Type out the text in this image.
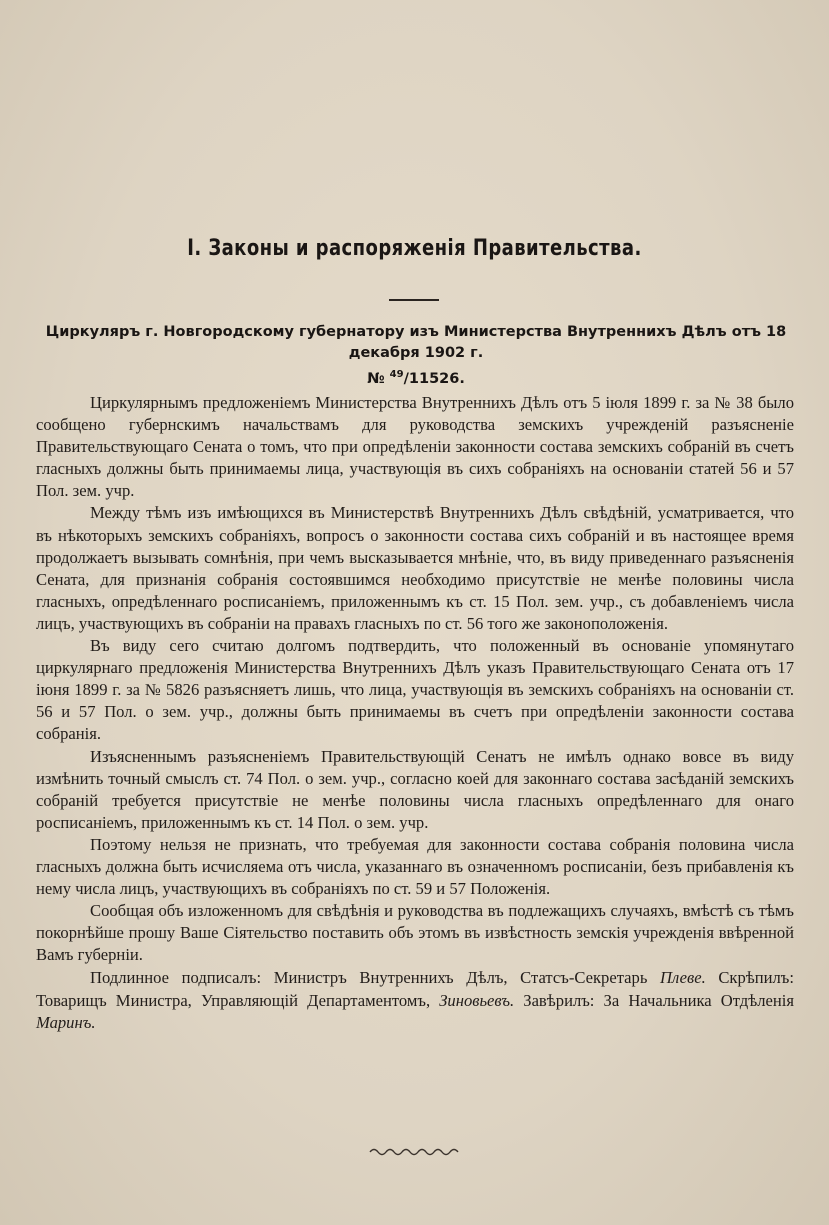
I. Законы и распоряженія Правительства.
Циркуляръ г. Новгородскому губернатору изъ Министерства Внутреннихъ Дѣлъ отъ 18 декабря 1902 г.
№ $^{49}$/11526.

Циркулярнымъ предложеніемъ Министерства Внутреннихъ Дѣлъ отъ 5 іюля 1899 г. за № 38 было сообщено губернскимъ начальствамъ для руководства земскихъ учрежденій разъясненіе Правительствующаго Сената о томъ, что при опредѣленіи законности состава земскихъ собраній въ счетъ гласныхъ должны быть принимаемы лица, участвующія въ сихъ собраніяхъ на основаніи статей 56 и 57 Пол. зем. учр.

Между тѣмъ изъ имѣющихся въ Министерствѣ Внутреннихъ Дѣлъ свѣдѣній, усматривается, что въ нѣкоторыхъ земскихъ собраніяхъ, вопросъ о законности состава сихъ собраній и въ настоящее время продолжаетъ вызывать сомнѣнія, при чемъ высказывается мнѣніе, что, въ виду приведеннаго разъясненія Сената, для признанія собранія состоявшимся необходимо присутствіе не менѣе половины числа гласныхъ, опредѣленнаго росписаніемъ, приложеннымъ къ ст. 15 Пол. зем. учр., съ добавленіемъ числа лицъ, участвующихъ въ собраніи на правахъ гласныхъ по ст. 56 того же законоположенія.

Въ виду сего считаю долгомъ подтвердить, что положенный въ основаніе упомянутаго циркулярнаго предложенія Министерства Внутреннихъ Дѣлъ указъ Правительствующаго Сената отъ 17 іюня 1899 г. за № 5826 разъясняетъ лишь, что лица, участвующія въ земскихъ собраніяхъ на основаніи ст. 56 и 57 Пол. о зем. учр., должны быть принимаемы въ счетъ при опредѣленіи законности состава собранія.

Изъясненнымъ разъясненіемъ Правительствующій Сенатъ не имѣлъ однако вовсе въ виду измѣнить точный смыслъ ст. 74 Пол. о зем. учр., согласно коей для законнаго состава засѣданій земскихъ собраній требуется присутствіе не менѣе половины числа гласныхъ опредѣленнаго для онаго росписаніемъ, приложеннымъ къ ст. 14 Пол. о зем. учр.

Поэтому нельзя не признать, что требуемая для законности состава собранія половина числа гласныхъ должна быть исчисляема отъ числа, указаннаго въ означенномъ росписаніи, безъ прибавленія къ нему числа лицъ, участвующихъ въ собраніяхъ по ст. 59 и 57 Положенія.

Сообщая объ изложенномъ для свѣдѣнія и руководства въ подлежащихъ случаяхъ, вмѣстѣ съ тѣмъ покорнѣйше прошу Ваше Сіятельство поставить объ этомъ въ извѣстность земскія учрежденія ввѣренной Вамъ губерніи.

Подлинное подписалъ: Министръ Внутреннихъ Дѣлъ, Статсъ-Секретарь Плеве. Скрѣпилъ: Товарищъ Министра, Управляющій Департаментомъ, Зиновьевъ. Завѣрилъ: За Начальника Отдѣленія Маринъ.
